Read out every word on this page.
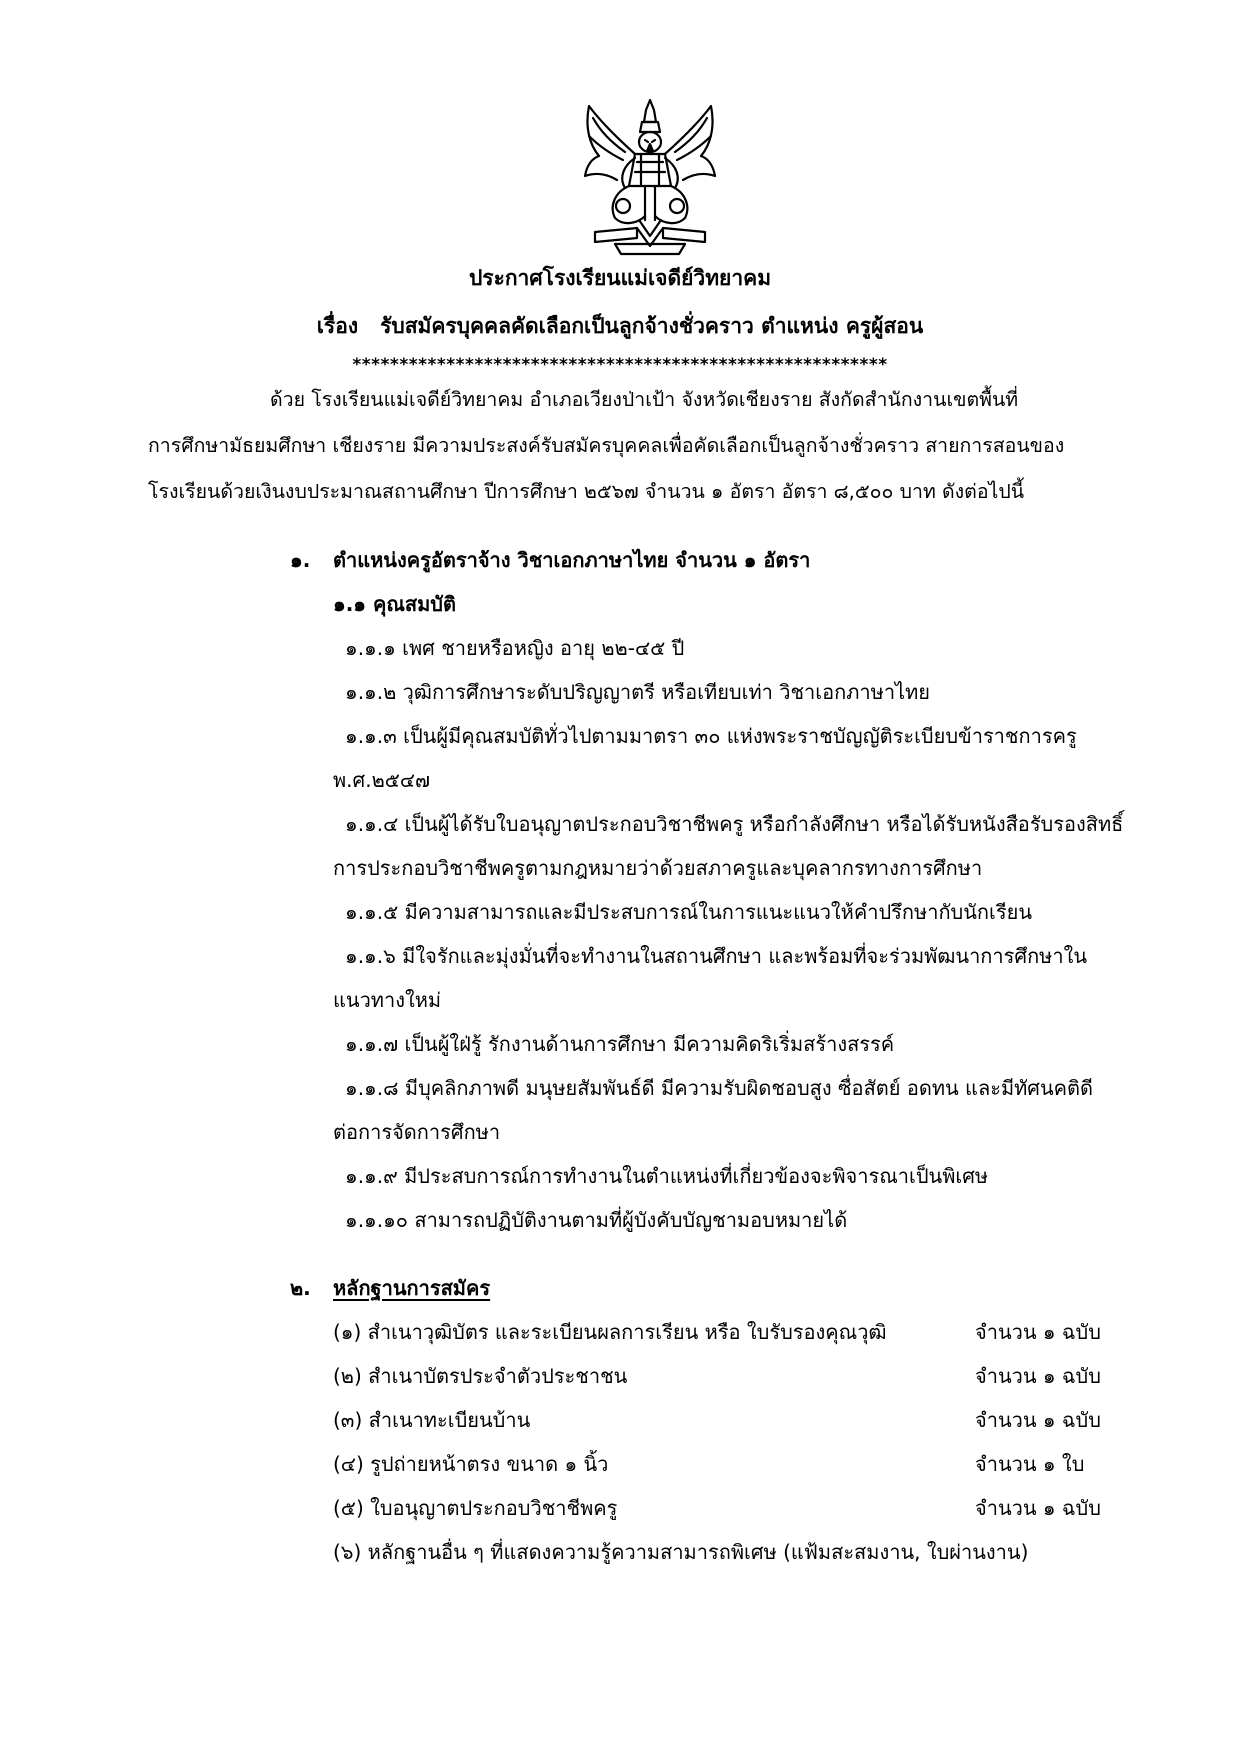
ประกาศโรงเรียนแม่เจดีย์วิทยาคม
เรื่อง รับสมัครบุคคลคัดเลือกเป็นลูกจ้างชั่วคราว ตำแหน่ง ครูผู้สอน
*********************************************************
ด้วย โรงเรียนแม่เจดีย์วิทยาคม อำเภอเวียงป่าเป้า จังหวัดเชียงราย สังกัดสำนักงานเขตพื้นที่
การศึกษามัธยมศึกษา เชียงราย มีความประสงค์รับสมัครบุคคลเพื่อคัดเลือกเป็นลูกจ้างชั่วคราว สายการสอนของ
โรงเรียนด้วยเงินงบประมาณสถานศึกษา ปีการศึกษา ๒๕๖๗ จำนวน ๑ อัตรา อัตรา ๘,๕๐๐ บาท ดังต่อไปนี้
๑. ตำแหน่งครูอัตราจ้าง วิชาเอกภาษาไทย จำนวน ๑ อัตรา
๑.๑ คุณสมบัติ
๑.๑.๑ เพศ ชายหรือหญิง อายุ ๒๒-๔๕ ปี
๑.๑.๒ วุฒิการศึกษาระดับปริญญาตรี หรือเทียบเท่า วิชาเอกภาษาไทย
๑.๑.๓ เป็นผู้มีคุณสมบัติทั่วไปตามมาตรา ๓๐ แห่งพระราชบัญญัติระเบียบข้าราชการครู
พ.ศ.๒๕๔๗
๑.๑.๔ เป็นผู้ได้รับใบอนุญาตประกอบวิชาชีพครู หรือกำลังศึกษา หรือได้รับหนังสือรับรองสิทธิ์
การประกอบวิชาชีพครูตามกฎหมายว่าด้วยสภาครูและบุคลากรทางการศึกษา
๑.๑.๕ มีความสามารถและมีประสบการณ์ในการแนะแนวให้คำปรึกษากับนักเรียน
๑.๑.๖ มีใจรักและมุ่งมั่นที่จะทำงานในสถานศึกษา และพร้อมที่จะร่วมพัฒนาการศึกษาใน
แนวทางใหม่
๑.๑.๗ เป็นผู้ใฝ่รู้ รักงานด้านการศึกษา มีความคิดริเริ่มสร้างสรรค์
๑.๑.๘ มีบุคลิกภาพดี มนุษยสัมพันธ์ดี มีความรับผิดชอบสูง ซื่อสัตย์ อดทน และมีทัศนคติดี
ต่อการจัดการศึกษา
๑.๑.๙ มีประสบการณ์การทำงานในตำแหน่งที่เกี่ยวข้องจะพิจารณาเป็นพิเศษ
๑.๑.๑๐ สามารถปฏิบัติงานตามที่ผู้บังคับบัญชามอบหมายได้
๒. หลักฐานการสมัคร
(๑) สำเนาวุฒิบัตร และระเบียนผลการเรียน หรือ ใบรับรองคุณวุฒิ	จำนวน ๑ ฉบับ
(๒) สำเนาบัตรประจำตัวประชาชน	จำนวน ๑ ฉบับ
(๓) สำเนาทะเบียนบ้าน	จำนวน ๑ ฉบับ
(๔) รูปถ่ายหน้าตรง ขนาด ๑ นิ้ว	จำนวน ๑ ใบ
(๕) ใบอนุญาตประกอบวิชาชีพครู	จำนวน ๑ ฉบับ
(๖) หลักฐานอื่น ๆ ที่แสดงความรู้ความสามารถพิเศษ (แฟ้มสะสมงาน, ใบผ่านงาน)
